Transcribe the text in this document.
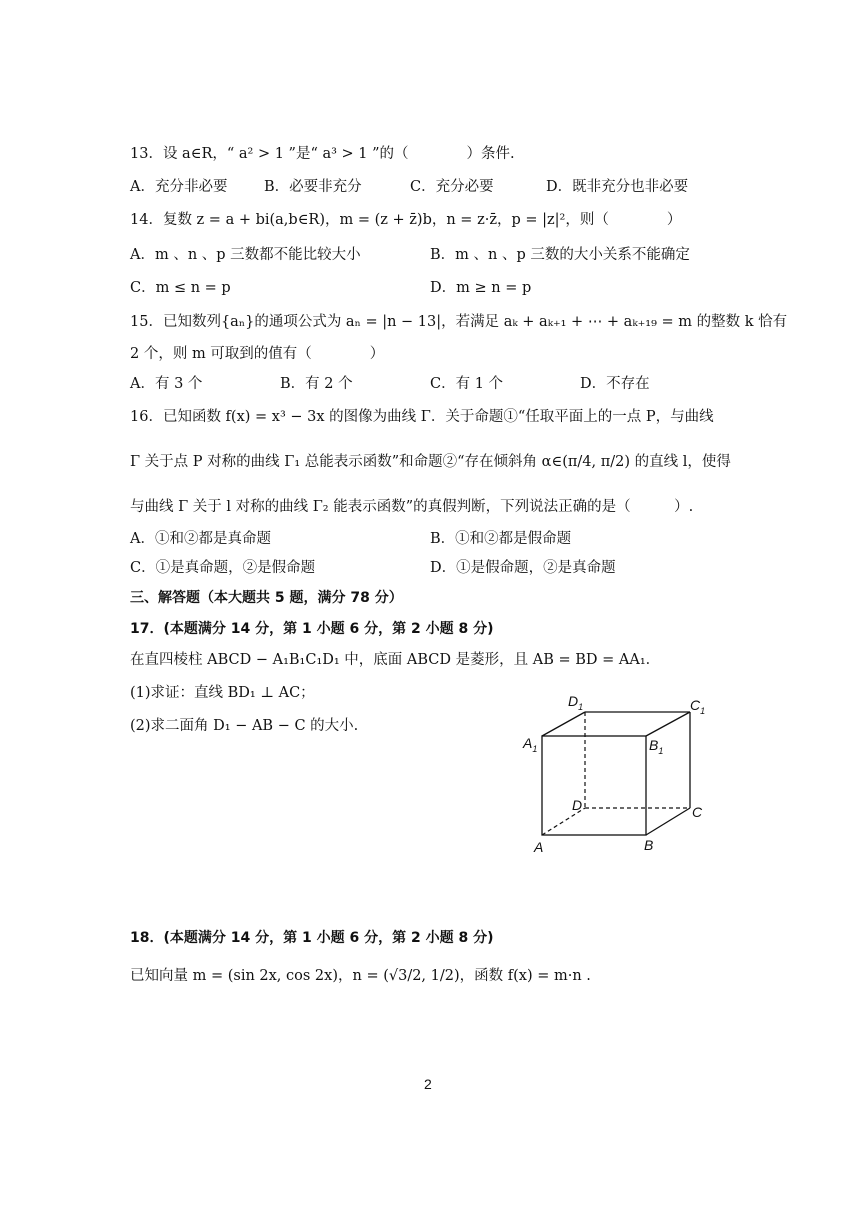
13．设 a∈R，“ a² > 1 ”是“ a³ > 1 ”的（　　　　）条件.
A．充分非必要	B．必要非充分	C．充分必要	D．既非充分也非必要
14．复数 z = a + bi(a,b∈R)，m = (z + z̄)b，n = z·z̄，p = |z|²，则（　　　　）
A．m 、n 、p 三数都不能比较大小	B．m 、n 、p 三数的大小关系不能确定
C．m ≤ n = p	D．m ≥ n = p
15．已知数列{aₙ}的通项公式为 aₙ = |n − 13|，若满足 aₖ + aₖ₊₁ + ⋯ + aₖ₊₁₉ = m 的整数 k 恰有
2 个，则 m 可取到的值有（　　　　）
A．有 3 个	B．有 2 个	C．有 1 个	D．不存在
16．已知函数 f(x) = x³ − 3x 的图像为曲线 Γ．关于命题①“任取平面上的一点 P，与曲线
Γ 关于点 P 对称的曲线 Γ₁ 总能表示函数”和命题②“存在倾斜角 α∈(π/4, π/2) 的直线 l，使得
与曲线 Γ 关于 l 对称的曲线 Γ₂ 能表示函数”的真假判断，下列说法正确的是（　　　）.
A．①和②都是真命题	B．①和②都是假命题
C．①是真命题，②是假命题	D．①是假命题，②是真命题
三、解答题（本大题共 5 题，满分 78 分）
17．(本题满分 14 分，第 1 小题 6 分，第 2 小题 8 分)
在直四棱柱 ABCD − A₁B₁C₁D₁ 中，底面 ABCD 是菱形，且 AB = BD = AA₁．
(1)求证：直线 BD₁ ⊥ AC；
(2)求二面角 D₁ − AB − C 的大小.
$D_1$	$C_1$
$A_1$	$B_1$
D	C
A	B
18．(本题满分 14 分，第 1 小题 6 分，第 2 小题 8 分)
已知向量 m = (sin 2x, cos 2x)，n = (√3/2, 1/2)，函数 f(x) = m·n .
2
